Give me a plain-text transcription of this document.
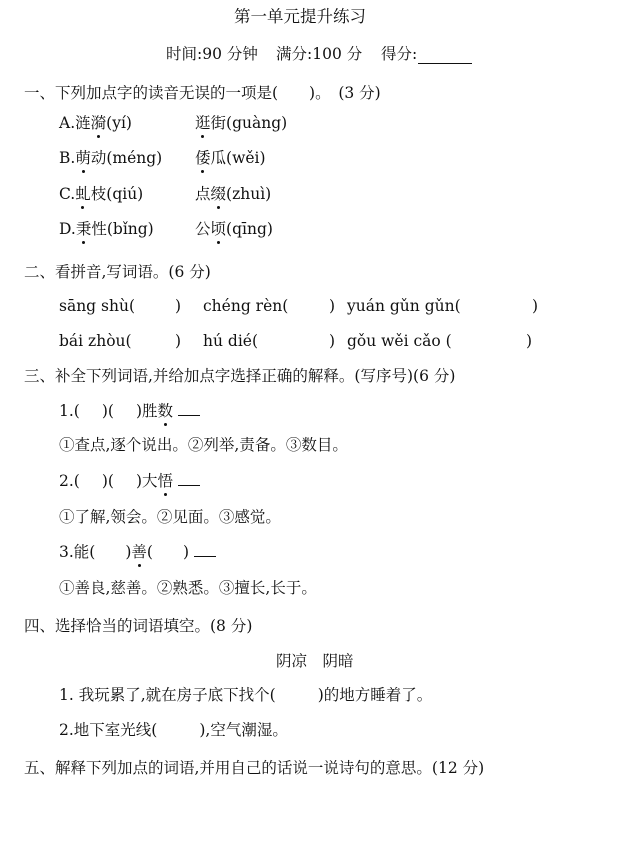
第一单元提升练习
时间:90 分钟 满分:100 分 得分:
一、下列加点字的读音无误的一项是(　　)。　(3 分)
A.涟漪(yí)	逛街(guàng)
B.萌动(méng) 倭瓜(wěi)
C.虬枝(qiú)	点缀(zhuì)
D.秉性(bǐng)	公顷(qīng)
二、看拼音,写词语。(6 分)
sāng shù(	) chéng rèn(	) yuán gǔn gǔn(	)
bái zhòu(	) hú dié(	) gǒu wěi cǎo (	)
三、补全下列词语,并给加点字选择正确的解释。(写序号)(6 分)
1.( )( )胜数
①查点,逐个说出。②列举,责备。③数目。
2.( )( )大悟
①了解,领会。②见面。③感觉。
3.能( )善( )
①善良,慈善。②熟悉。③擅长,长于。
四、选择恰当的词语填空。(8 分)
阴凉　阴暗
1. 我玩累了,就在房子底下找个(	)的地方睡着了。
2.地下室光线(	),空气潮湿。
五、解释下列加点的词语,并用自己的话说一说诗句的意思。(12 分)
